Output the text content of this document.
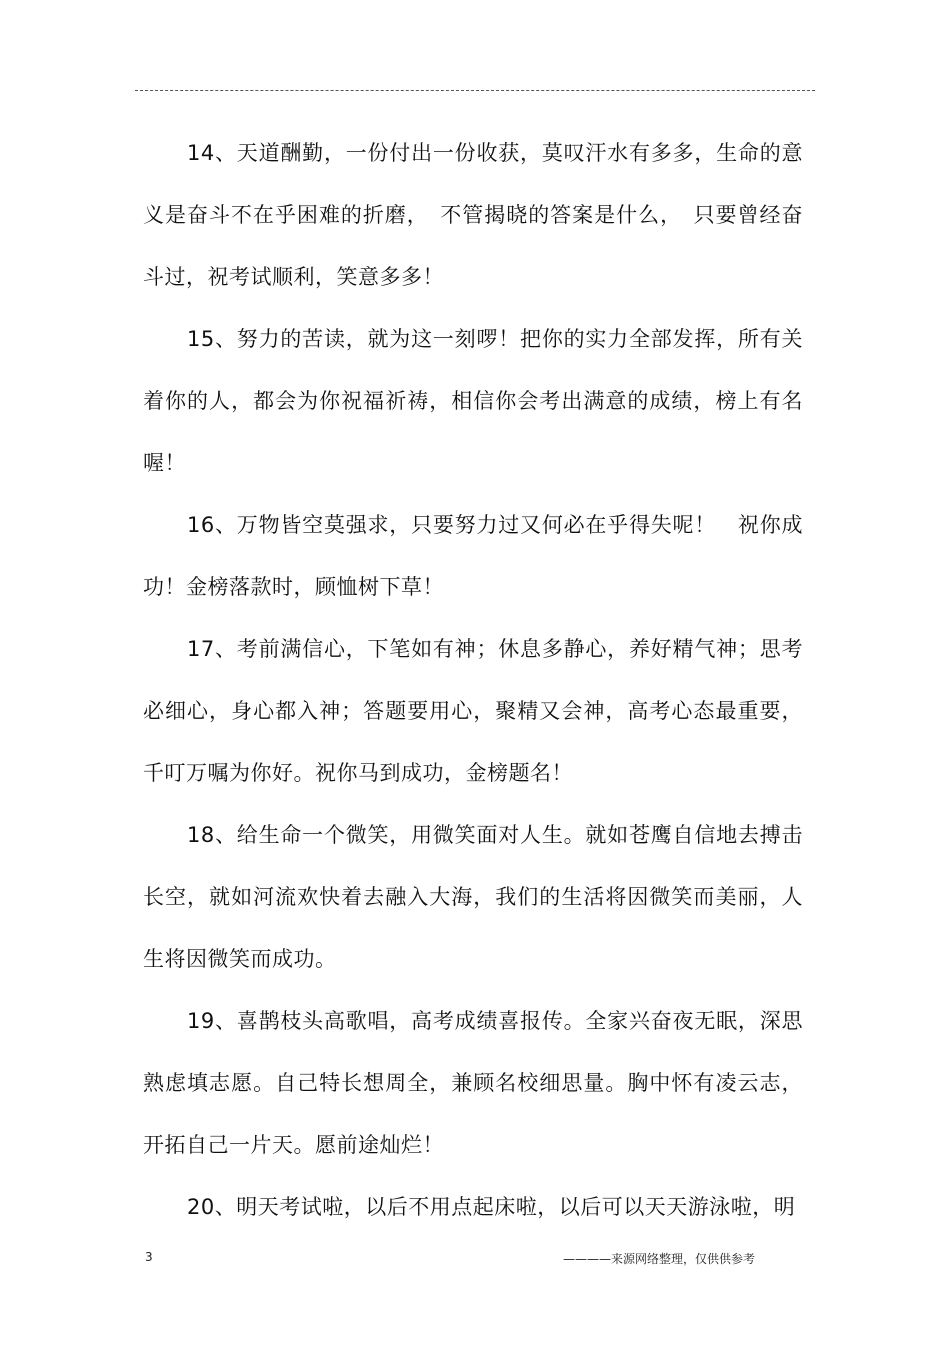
14、天道酬勤，一份付出一份收获，莫叹汗水有多多，生命的意义是奋斗不在乎困难的折磨，　不管揭晓的答案是什么，　只要曾经奋斗过，祝考试顺利，笑意多多！

15、努力的苦读，就为这一刻啰！把你的实力全部发挥，所有关着你的人，都会为你祝福祈祷，相信你会考出满意的成绩，榜上有名喔！

16、万物皆空莫强求，只要努力过又何必在乎得失呢！　祝你成功！金榜落款时，顾恤树下草！

17、考前满信心，下笔如有神；休息多静心，养好精气神；思考必细心，身心都入神；答题要用心，聚精又会神，高考心态最重要，千叮万嘱为你好。祝你马到成功，金榜题名！

18、给生命一个微笑，用微笑面对人生。就如苍鹰自信地去搏击长空，就如河流欢快着去融入大海，我们的生活将因微笑而美丽，人生将因微笑而成功。

19、喜鹊枝头高歌唱，高考成绩喜报传。全家兴奋夜无眠，深思熟虑填志愿。自己特长想周全，兼顾名校细思量。胸中怀有凌云志，开拓自己一片天。愿前途灿烂！

20、明天考试啦，以后不用点起床啦，以后可以天天游泳啦，明

3	————来源网络整理，仅供供参考
